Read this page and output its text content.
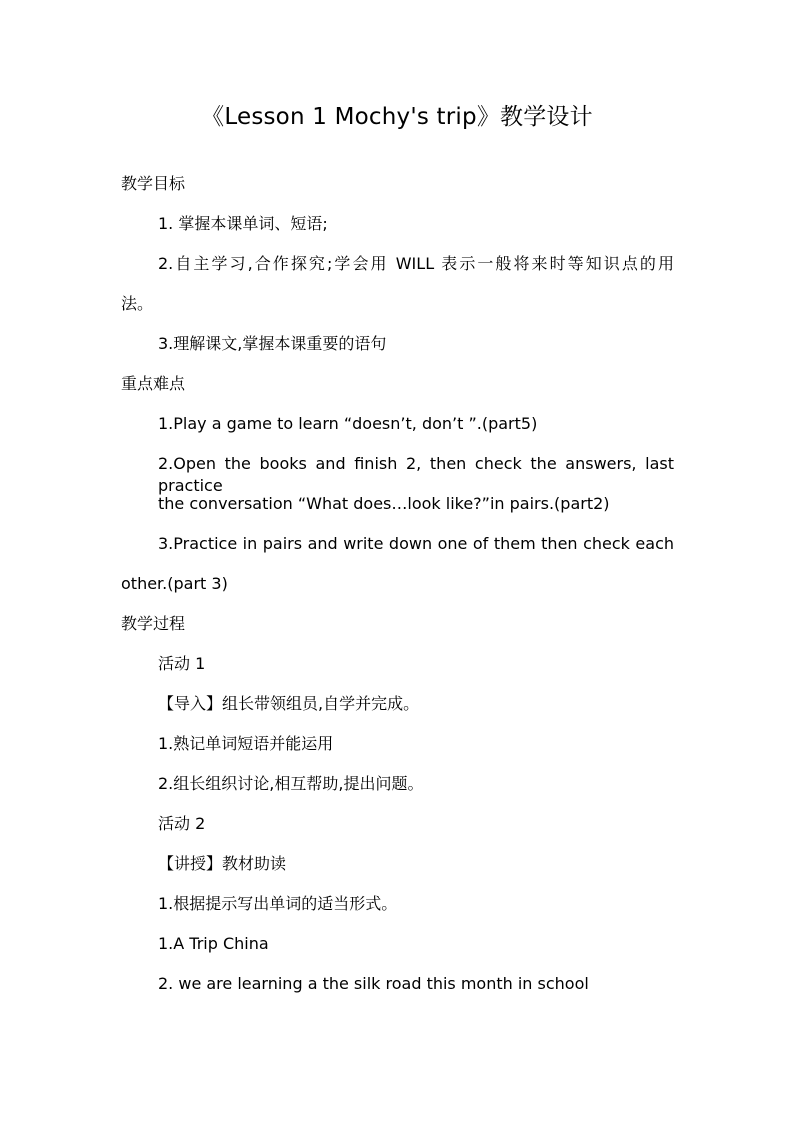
《Lesson 1 Mochy's trip》教学设计
教学目标
1. 掌握本课单词、短语;
2.自主学习,合作探究;学会用 WILL 表示一般将来时等知识点的用
法。
3.理解课文,掌握本课重要的语句
重点难点
1.Play a game to learn “doesn’t, don’t ”.(part5)
2.Open the books and finish 2, then check the answers, last practice
the conversation “What does…look like?”in pairs.(part2)
3.Practice in pairs and write down one of them then check each
other.(part 3)
教学过程
活动 1
【导入】组长带领组员,自学并完成。
1.熟记单词短语并能运用
2.组长组织讨论,相互帮助,提出问题。
活动 2
【讲授】教材助读
1.根据提示写出单词的适当形式。
1.A Trip China
2. we are learning a the silk road this month in school
